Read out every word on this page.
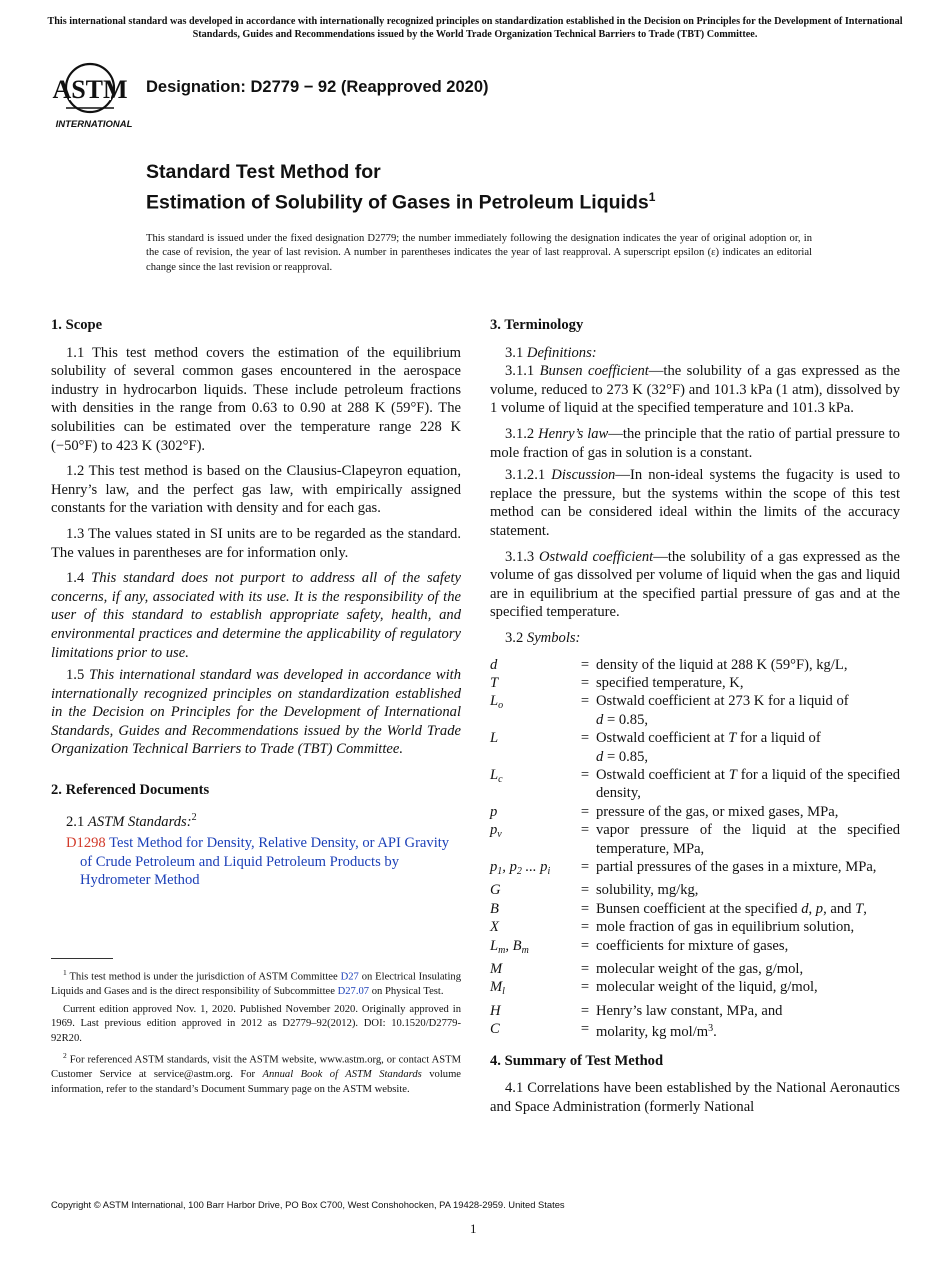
This international standard was developed in accordance with internationally recognized principles on standardization established in the Decision on Principles for the Development of International Standards, Guides and Recommendations issued by the World Trade Organization Technical Barriers to Trade (TBT) Committee.
ASTM
INTERNATIONAL
Designation: D2779 − 92 (Reapproved 2020)
Standard Test Method for
Estimation of Solubility of Gases in Petroleum Liquids$^1$
This standard is issued under the fixed designation D2779; the number immediately following the designation indicates the year of original adoption or, in the case of revision, the year of last revision. A number in parentheses indicates the year of last reapproval. A superscript epsilon (ε) indicates an editorial change since the last revision or reapproval.
1. Scope

1.1 This test method covers the estimation of the equilibrium solubility of several common gases encountered in the aerospace industry in hydrocarbon liquids. These include petroleum fractions with densities in the range from 0.63 to 0.90 at 288 K (59°F). The solubilities can be estimated over the temperature range 228 K (−50°F) to 423 K (302°F).

1.2 This test method is based on the Clausius-Clapeyron equation, Henry’s law, and the perfect gas law, with empirically assigned constants for the variation with density and for each gas.

1.3 The values stated in SI units are to be regarded as the standard. The values in parentheses are for information only.

1.4 This standard does not purport to address all of the safety concerns, if any, associated with its use. It is the responsibility of the user of this standard to establish appropriate safety, health, and environmental practices and determine the applicability of regulatory limitations prior to use.

1.5 This international standard was developed in accordance with internationally recognized principles on standardization established in the Decision on Principles for the Development of International Standards, Guides and Recommendations issued by the World Trade Organization Technical Barriers to Trade (TBT) Committee.

2. Referenced Documents

2.1 ASTM Standards:$^2$

D1298 Test Method for Density, Relative Density, or API Gravity of Crude Petroleum and Liquid Petroleum Products by Hydrometer Method

$^1$ This test method is under the jurisdiction of ASTM Committee D27 on Electrical Insulating Liquids and Gases and is the direct responsibility of Subcommittee D27.07 on Physical Test.

Current edition approved Nov. 1, 2020. Published November 2020. Originally approved in 1969. Last previous edition approved in 2012 as D2779–92(2012). DOI: 10.1520/D2779-92R20.

$^2$ For referenced ASTM standards, visit the ASTM website, www.astm.org, or contact ASTM Customer Service at service@astm.org. For Annual Book of ASTM Standards volume information, refer to the standard’s Document Summary page on the ASTM website.

3. Terminology

3.1 Definitions:

3.1.1 Bunsen coefficient—the solubility of a gas expressed as the volume, reduced to 273 K (32°F) and 101.3 kPa (1 atm), dissolved by 1 volume of liquid at the specified temperature and 101.3 kPa.

3.1.2 Henry’s law—the principle that the ratio of partial pressure to mole fraction of gas in solution is a constant.

3.1.2.1 Discussion—In non-ideal systems the fugacity is used to replace the pressure, but the systems within the scope of this test method can be considered ideal within the limits of the accuracy statement.

3.1.3 Ostwald coefficient—the solubility of a gas expressed as the volume of gas dissolved per volume of liquid when the gas and liquid are in equilibrium at the specified partial pressure of gas and at the specified temperature.

3.2 Symbols:

d	=	density of the liquid at 288 K (59°F), kg/L,
T	=	specified temperature, K,
$L_o$	=	Ostwald coefficient at 273 K for a liquid of
d = 0.85,
L	=	Ostwald coefficient at T for a liquid of
d = 0.85,
$L_c$	=	Ostwald coefficient at T for a liquid of the specified density,
p	=	pressure of the gas, or mixed gases, MPa,
$p_v$	=	vapor pressure of the liquid at the specified temperature, MPa,
$p_1$, $p_2$ ... $p_i$	=	partial pressures of the gases in a mixture, MPa,
G	=	solubility, mg/kg,
B	=	Bunsen coefficient at the specified d, p, and T,
X	=	mole fraction of gas in equilibrium solution,
$L_m$, $B_m$	=	coefficients for mixture of gases,
M	=	molecular weight of the gas, g/mol,
$M_l$	=	molecular weight of the liquid, g/mol,
H	=	Henry’s law constant, MPa, and
C	=	molarity, kg mol/$m^3$.
4. Summary of Test Method

4.1 Correlations have been established by the National Aeronautics and Space Administration (formerly National

Copyright © ASTM International, 100 Barr Harbor Drive, PO Box C700, West Conshohocken, PA 19428-2959. United States
1
